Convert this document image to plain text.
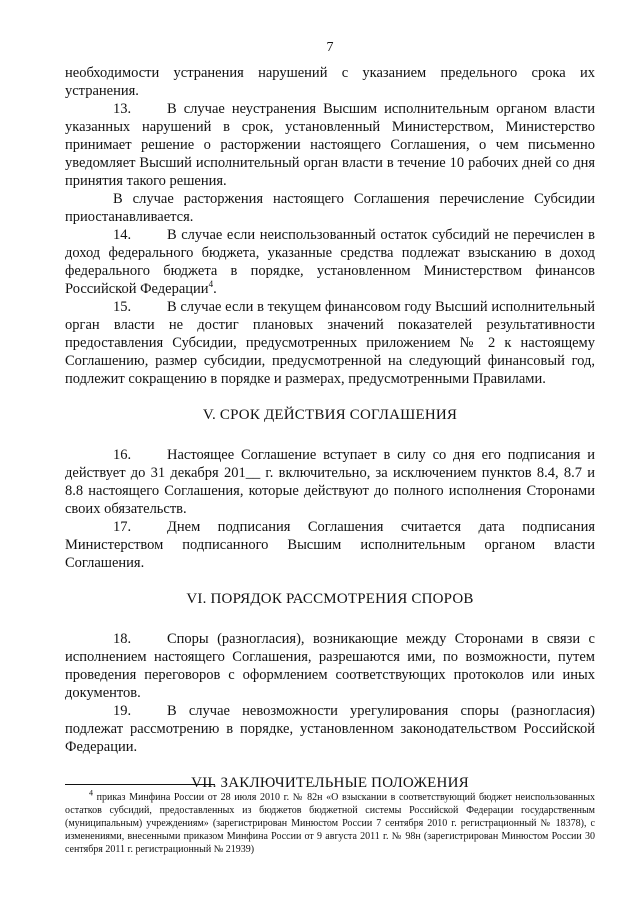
7

необходимости устранения нарушений с указанием предельного срока их устранения.

13. В случае неустранения Высшим исполнительным органом власти указанных нарушений в срок, установленный Министерством, Министерство принимает решение о расторжении настоящего Соглашения, о чем письменно уведомляет Высший исполнительный орган власти в течение 10 рабочих дней со дня принятия такого решения.

В случае расторжения настоящего Соглашения перечисление Субсидии приостанавливается.

14. В случае если неиспользованный остаток субсидий не перечислен в доход федерального бюджета, указанные средства подлежат взысканию в доход федерального бюджета в порядке, установленном Министерством финансов Российской Федерации$^4$.

15. В случае если в текущем финансовом году Высший исполнительный орган власти не достиг плановых значений показателей результативности предоставления Субсидии, предусмотренных приложением № 2 к настоящему Соглашению, размер субсидии, предусмотренной на следующий финансовый год, подлежит сокращению в порядке и размерах, предусмотренными Правилами.

V. СРОК ДЕЙСТВИЯ СОГЛАШЕНИЯ

16. Настоящее Соглашение вступает в силу со дня его подписания и действует до 31 декабря 201__ г. включительно, за исключением пунктов 8.4, 8.7 и 8.8 настоящего Соглашения, которые действуют до полного исполнения Сторонами своих обязательств.

17. Днем подписания Соглашения считается дата подписания Министерством подписанного Высшим исполнительным органом власти Соглашения.

VI. ПОРЯДОК РАССМОТРЕНИЯ СПОРОВ

18. Споры (разногласия), возникающие между Сторонами в связи с исполнением настоящего Соглашения, разрешаются ими, по возможности, путем проведения переговоров с оформлением соответствующих протоколов или иных документов.

19. В случае невозможности урегулирования споры (разногласия) подлежат рассмотрению в порядке, установленном законодательством Российской Федерации.

VII. ЗАКЛЮЧИТЕЛЬНЫЕ ПОЛОЖЕНИЯ

$^4$ приказ Минфина России от 28 июля 2010 г. № 82н «О взыскании в соответствующий бюджет неиспользованных остатков субсидий, предоставленных из бюджетов бюджетной системы Российской Федерации государственным (муниципальным) учреждениям» (зарегистрирован Минюстом России 7 сентября 2010 г. регистрационный № 18378), с изменениями, внесенными приказом Минфина России от 9 августа 2011 г. № 98н (зарегистрирован Минюстом России 30 сентября 2011 г. регистрационный № 21939)
